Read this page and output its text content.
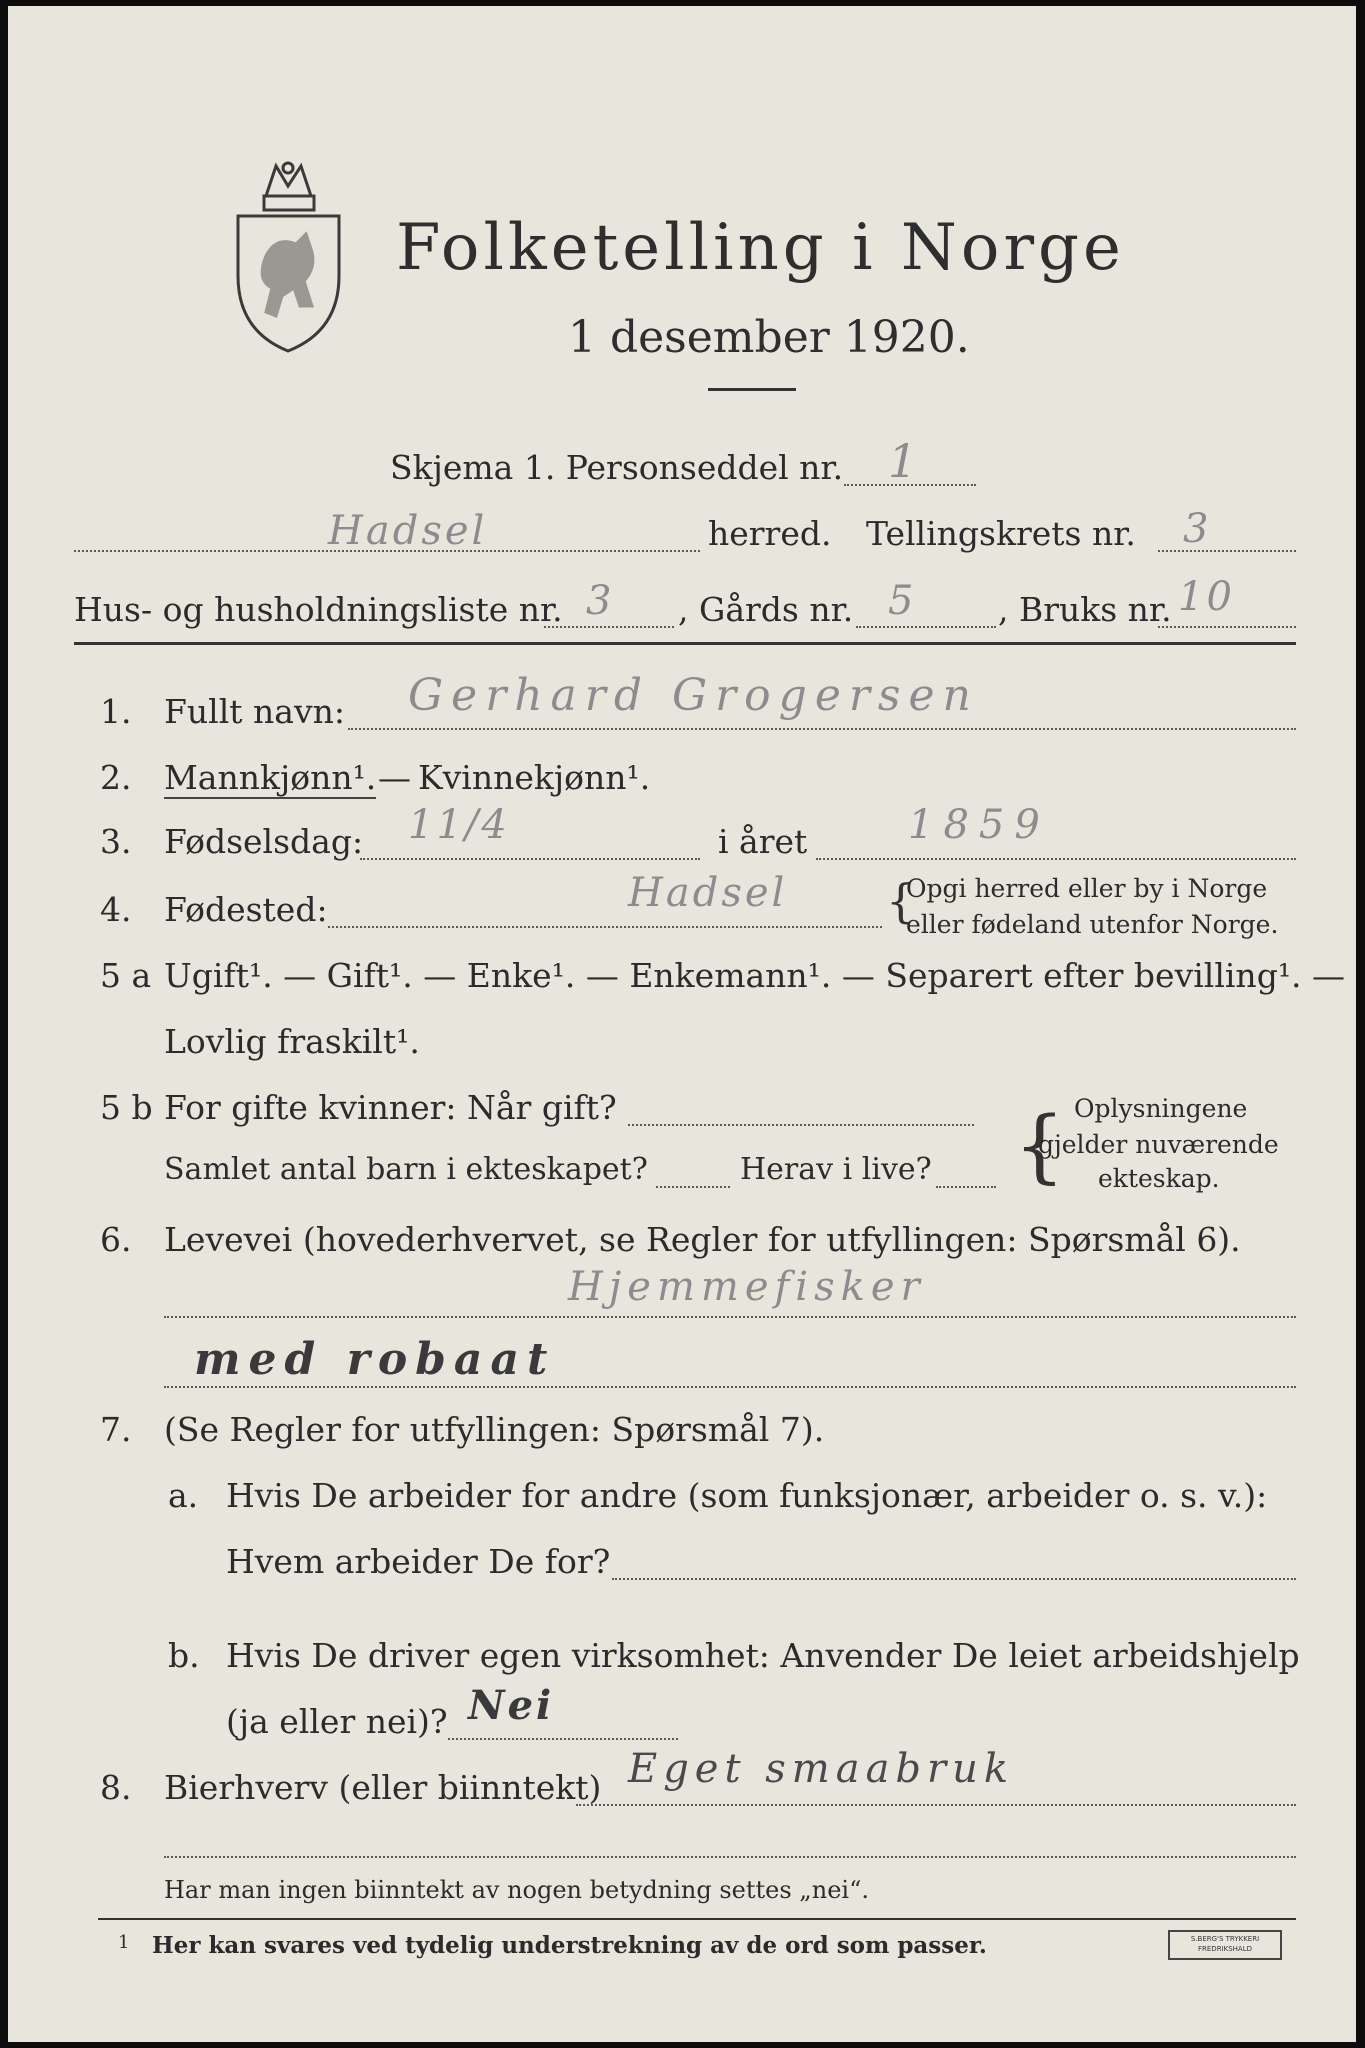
Folketelling i Norge
1 desember 1920.
Skjema 1. Personseddel nr. 1
Hadsel	herred. Tellingskrets nr. 3
Hus- og husholdningsliste nr. 3 , Gårds nr. 5 , Bruks nr. 10
1. Fullt navn: Gerhard Grogersen
2. Mannkjønn¹. — Kvinnekjønn¹.
3. Fødselsdag: 11/4	i året	1859
4. Fødested:	Hadsel {
Opgi herred eller by i Norge
eller fødeland utenfor Norge.
5 a Ugift¹. — Gift¹. — Enke¹. — Enkemann¹. — Separert efter bevilling¹. —
Lovlig fraskilt¹.
5 b For gifte kvinner: Når gift?
Samlet antal barn i ekteskapet?	Herav i live? { Oplysningene
gjelder nuværende
ekteskap.
6. Levevei (hovederhvervet, se Regler for utfyllingen: Spørsmål 6).
Hjemmefisker
med robaat
7. (Se Regler for utfyllingen: Spørsmål 7).
a. Hvis De arbeider for andre (som funksjonær, arbeider o. s. v.):
Hvem arbeider De for?
b. Hvis De driver egen virksomhet: Anvender De leiet arbeidshjelp
(ja eller nei)? Nei
8. Bierhverv (eller biinntekt) Eget smaabruk
Har man ingen biinntekt av nogen betydning settes „nei“.
1 Her kan svares ved tydelig understrekning av de ord som passer.	S.BERG'S TRYKKERI FREDRIKSHALD
